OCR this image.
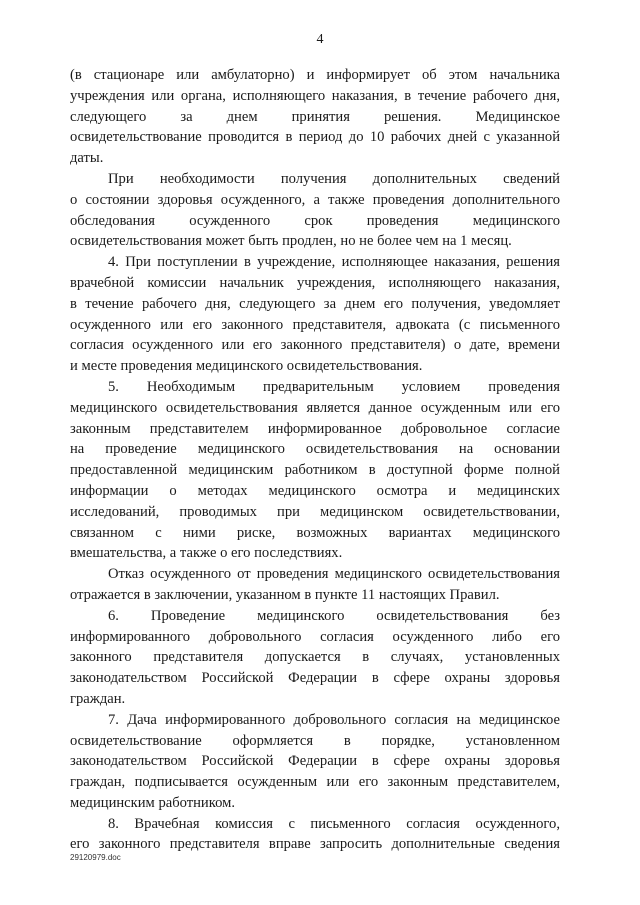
4
(в стационаре или амбулаторно) и информирует об этом начальника
учреждения или органа, исполняющего наказания, в течение рабочего дня,
следующего за днем принятия решения. Медицинское
освидетельствование проводится в период до 10 рабочих дней с указанной
даты.
При необходимости получения дополнительных сведений
о состоянии здоровья осужденного, а также проведения дополнительного
обследования осужденного срок проведения медицинского
освидетельствования может быть продлен, но не более чем на 1 месяц.
4. При поступлении в учреждение, исполняющее наказания, решения
врачебной комиссии начальник учреждения, исполняющего наказания,
в течение рабочего дня, следующего за днем его получения, уведомляет
осужденного или его законного представителя, адвоката (с письменного
согласия осужденного или его законного представителя) о дате, времени
и месте проведения медицинского освидетельствования.
5. Необходимым предварительным условием проведения
медицинского освидетельствования является данное осужденным или его
законным представителем информированное добровольное согласие
на проведение медицинского освидетельствования на основании
предоставленной медицинским работником в доступной форме полной
информации о методах медицинского осмотра и медицинских
исследований, проводимых при медицинском освидетельствовании,
связанном с ними риске, возможных вариантах медицинского
вмешательства, а также о его последствиях.
Отказ осужденного от проведения медицинского освидетельствования
отражается в заключении, указанном в пункте 11 настоящих Правил.
6. Проведение медицинского освидетельствования без
информированного добровольного согласия осужденного либо его
законного представителя допускается в случаях, установленных
законодательством Российской Федерации в сфере охраны здоровья
граждан.
7. Дача информированного добровольного согласия на медицинское
освидетельствование оформляется в порядке, установленном
законодательством Российской Федерации в сфере охраны здоровья
граждан, подписывается осужденным или его законным представителем,
медицинским работником.
8. Врачебная комиссия с письменного согласия осужденного,
его законного представителя вправе запросить дополнительные сведения
29120979.doc
